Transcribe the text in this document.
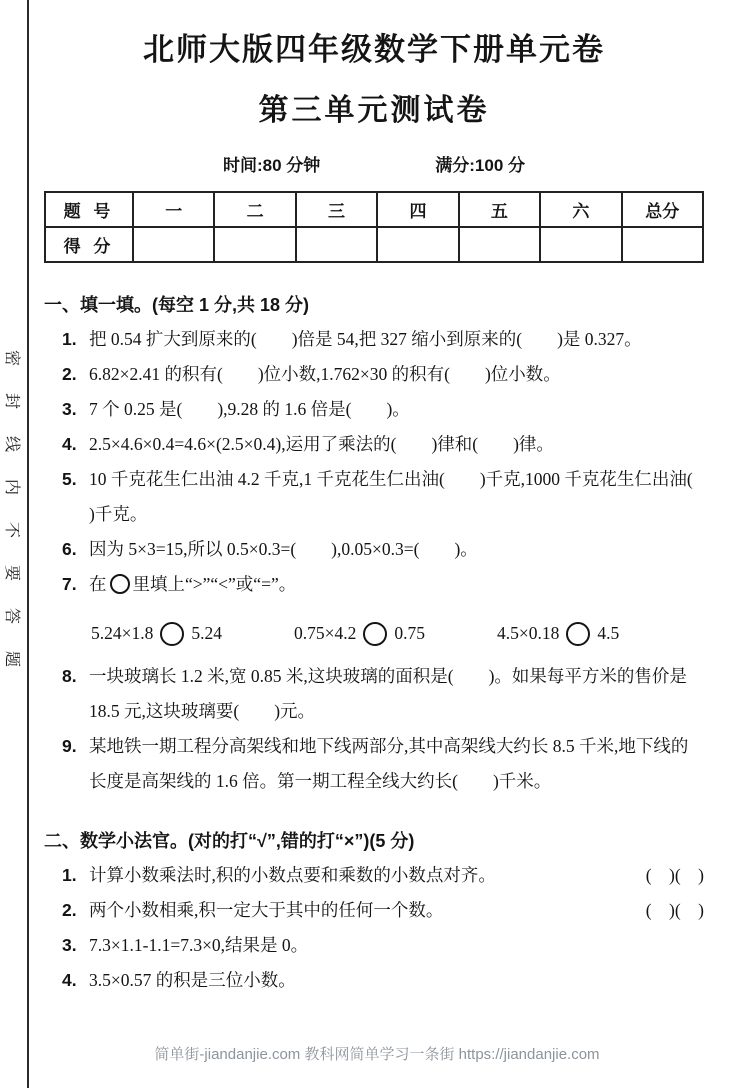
简单街-jiandanjie.com 教科网简单学习一条街 https://jiandanjie.com
密封线内不要答题
北师大版四年级数学下册单元卷
第三单元测试卷
时间:80 分钟	满分:100 分
题 号	一	二	三	四	五	六	总分
得 分							
一、填一填。(每空 1 分,共 18 分)
1. 把 0.54 扩大到原来的(        )倍是 54,把 327 缩小到原来的(        )是 0.327。
2. 6.82×2.41 的积有(        )位小数,1.762×30 的积有(        )位小数。
3. 7 个 0.25 是(        ),9.28 的 1.6 倍是(        )。
4. 2.5×4.6×0.4=4.6×(2.5×0.4),运用了乘法的(        )律和(        )律。
5. 10 千克花生仁出油 4.2 千克,1 千克花生仁出油(        )千克,1000 千克花生仁出油(        )千克。
6. 因为 5×3=15,所以 0.5×0.3=(        ),0.05×0.3=(        )。
7. 在 里填上“>”“<”或“=”。
5.24×1.8 5.24	0.75×4.2 0.75	4.5×0.18 4.5
8. 一块玻璃长 1.2 米,宽 0.85 米,这块玻璃的面积是(        )。如果每平方米的售价是 18.5 元,这块玻璃要(        )元。
9. 某地铁一期工程分高架线和地下线两部分,其中高架线大约长 8.5 千米,地下线的长度是高架线的 1.6 倍。第一期工程全线大约长(        )千米。
二、数学小法官。(对的打“√”,错的打“×”)(5 分)
1. 计算小数乘法时,积的小数点要和乘数的小数点对齐。	(    )(    )
2. 两个小数相乘,积一定大于其中的任何一个数。	(    )(    )
3. 7.3×1.1-1.1=7.3×0,结果是 0。
4. 3.5×0.57 的积是三位小数。
